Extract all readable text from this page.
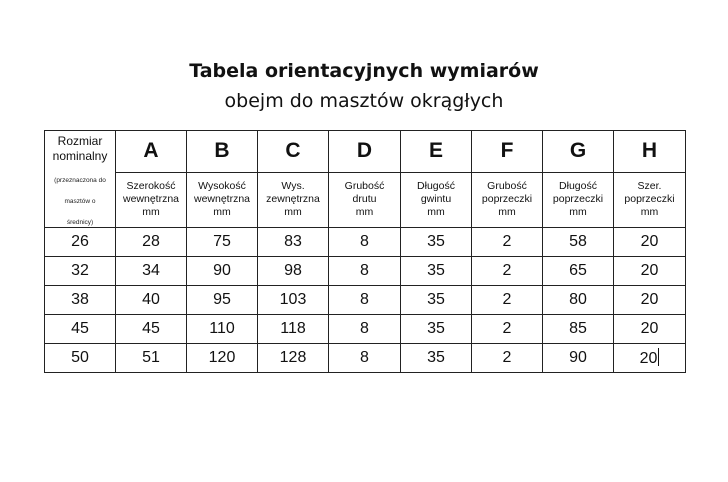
Tabela orientacyjnych wymiarów
obejm do masztów okrągłych
Rozmiar
nominalny
(przeznaczona do
masztów o
średnicy)	A	B	C	D	E	F	G	H

	Szerokość
wewnętrzna
mm	Wysokość
wewnętrzna
mm	Wys.
zewnętrzna
mm	Grubość
drutu
mm	Długość
gwintu
mm	Grubość
poprzeczki
mm	Długość
poprzeczki
mm	Szer.
poprzeczki
mm

26	28	75	83	8	35	2	58	20
32	34	90	98	8	35	2	65	20
38	40	95	103	8	35	2	80	20
45	45	110	118	8	35	2	85	20
50	51	120	128	8	35	2	90	20
